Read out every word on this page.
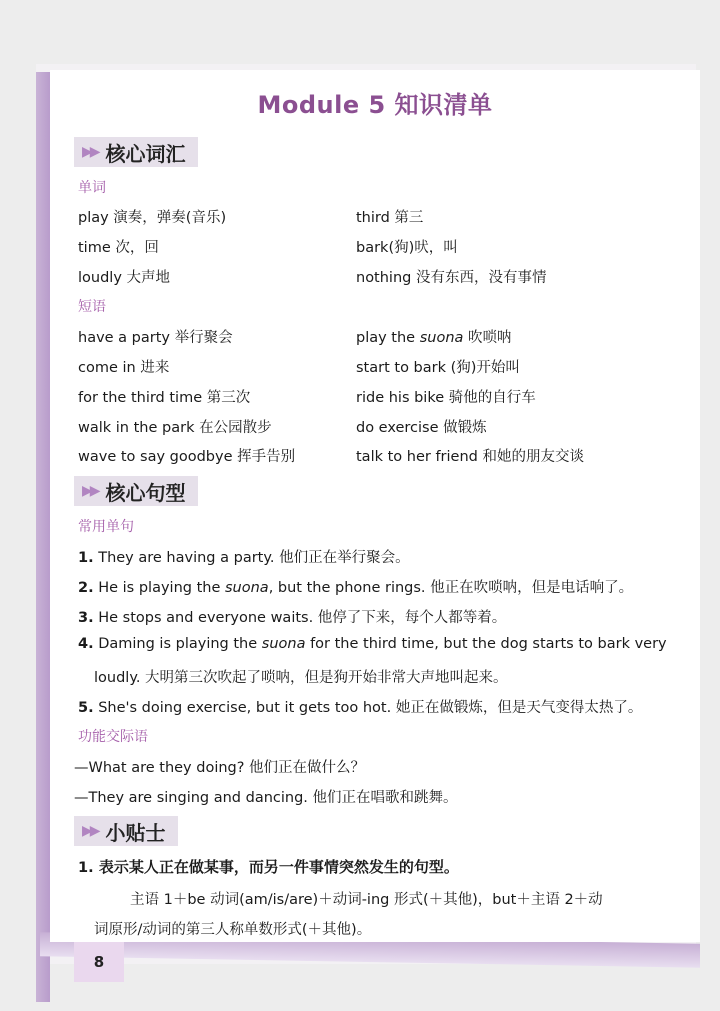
Module 5 知识清单
▶▶ 核心词汇
单词
play 演奏，弹奏(音乐)
time 次，回
loudly 大声地
third 第三
bark(狗)吠，叫
nothing 没有东西，没有事情
短语
have a party 举行聚会
come in 进来
for the third time 第三次
walk in the park 在公园散步
wave to say goodbye 挥手告别
play the suona 吹唢呐
start to bark (狗)开始叫
ride his bike 骑他的自行车
do exercise 做锻炼
talk to her friend 和她的朋友交谈
▶▶ 核心句型
常用单句
1. They are having a party. 他们正在举行聚会。
2. He is playing the suona, but the phone rings. 他正在吹唢呐，但是电话响了。
3. He stops and everyone waits. 他停了下来，每个人都等着。
4. Daming is playing the suona for the third time, but the dog starts to bark very
loudly. 大明第三次吹起了唢呐，但是狗开始非常大声地叫起来。
5. She's doing exercise, but it gets too hot. 她正在做锻炼，但是天气变得太热了。
功能交际语
—What are they doing? 他们正在做什么？
—They are singing and dancing. 他们正在唱歌和跳舞。
▶▶ 小贴士
1. 表示某人正在做某事，而另一件事情突然发生的句型。
主语 1＋be 动词(am/is/are)＋动词-ing 形式(＋其他)，but＋主语 2＋动
词原形/动词的第三人称单数形式(＋其他)。
8
